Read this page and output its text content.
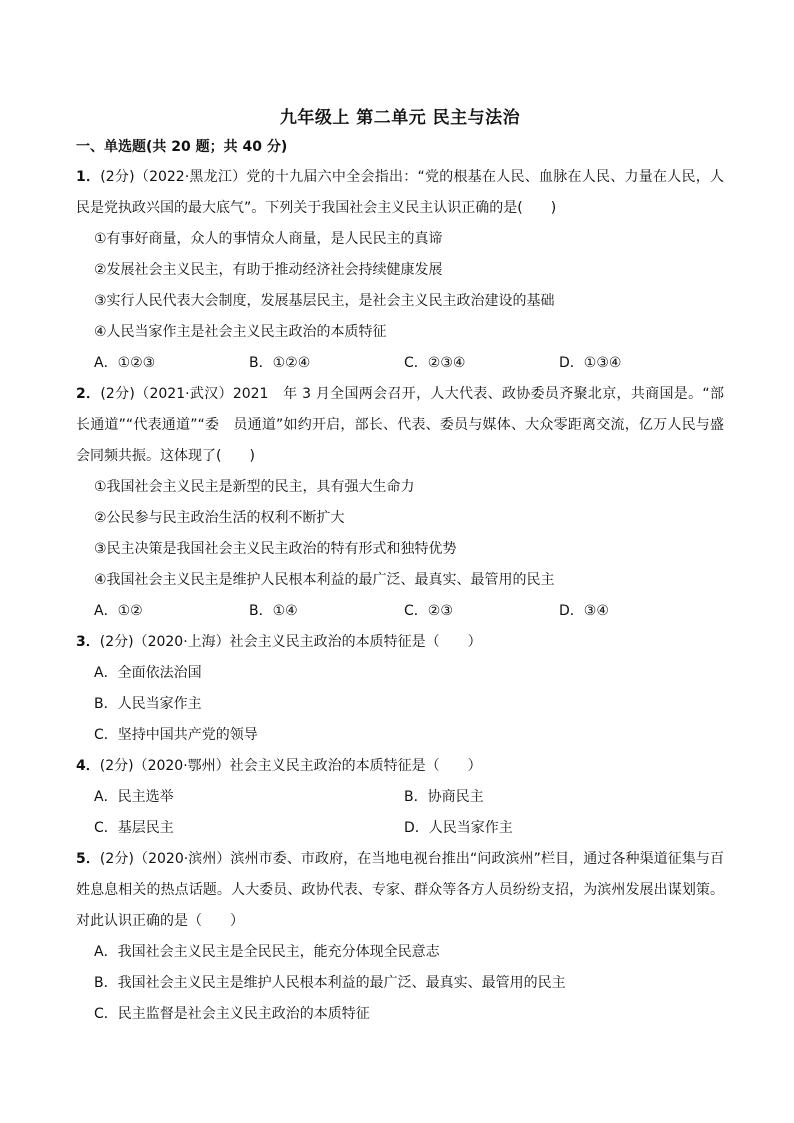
九年级上 第二单元 民主与法治
一、单选题(共 20 题；共 40 分)

1．(2分)（2022·黑龙江）党的十九届六中全会指出：“党的根基在人民、血脉在人民、力量在人民，人民是党执政兴国的最大底气”。下列关于我国社会主义民主认识正确的是(　　)

①有事好商量，众人的事情众人商量，是人民民主的真谛

②发展社会主义民主，有助于推动经济社会持续健康发展

③实行人民代表大会制度，发展基层民主，是社会主义民主政治建设的基础

④人民当家作主是社会主义民主政治的本质特征

A．①②③	B．①②④	C．②③④	D．①③④

2．(2分)（2021·武汉）2021　年 3 月全国两会召开，人大代表、政协委员齐聚北京，共商国是。“部长通道”“代表通道”“委　员通道”如约开启，部长、代表、委员与媒体、大众零距离交流，亿万人民与盛会同频共振。这体现了(　　)

①我国社会主义民主是新型的民主，具有强大生命力

②公民参与民主政治生活的权利不断扩大

③民主决策是我国社会主义民主政治的特有形式和独特优势

④我国社会主义民主是维护人民根本利益的最广泛、最真实、最管用的民主

A．①②	B．①④	C．②③	D．③④

3．(2分)（2020·上海）社会主义民主政治的本质特征是（　　）

A．全面依法治国
B．人民当家作主
C．坚持中国共产党的领导

4．(2分)（2020·鄂州）社会主义民主政治的本质特征是（　　）

A．民主选举	B．协商民主
C．基层民主	D．人民当家作主

5．(2分)（2020·滨州）滨州市委、市政府，在当地电视台推出“问政滨州”栏目，通过各种渠道征集与百姓息息相关的热点话题。人大委员、政协代表、专家、群众等各方人员纷纷支招，为滨州发展出谋划策。对此认识正确的是（　　）

A．我国社会主义民主是全民民主，能充分体现全民意志
B．我国社会主义民主是维护人民根本利益的最广泛、最真实、最管用的民主
C．民主监督是社会主义民主政治的本质特征
